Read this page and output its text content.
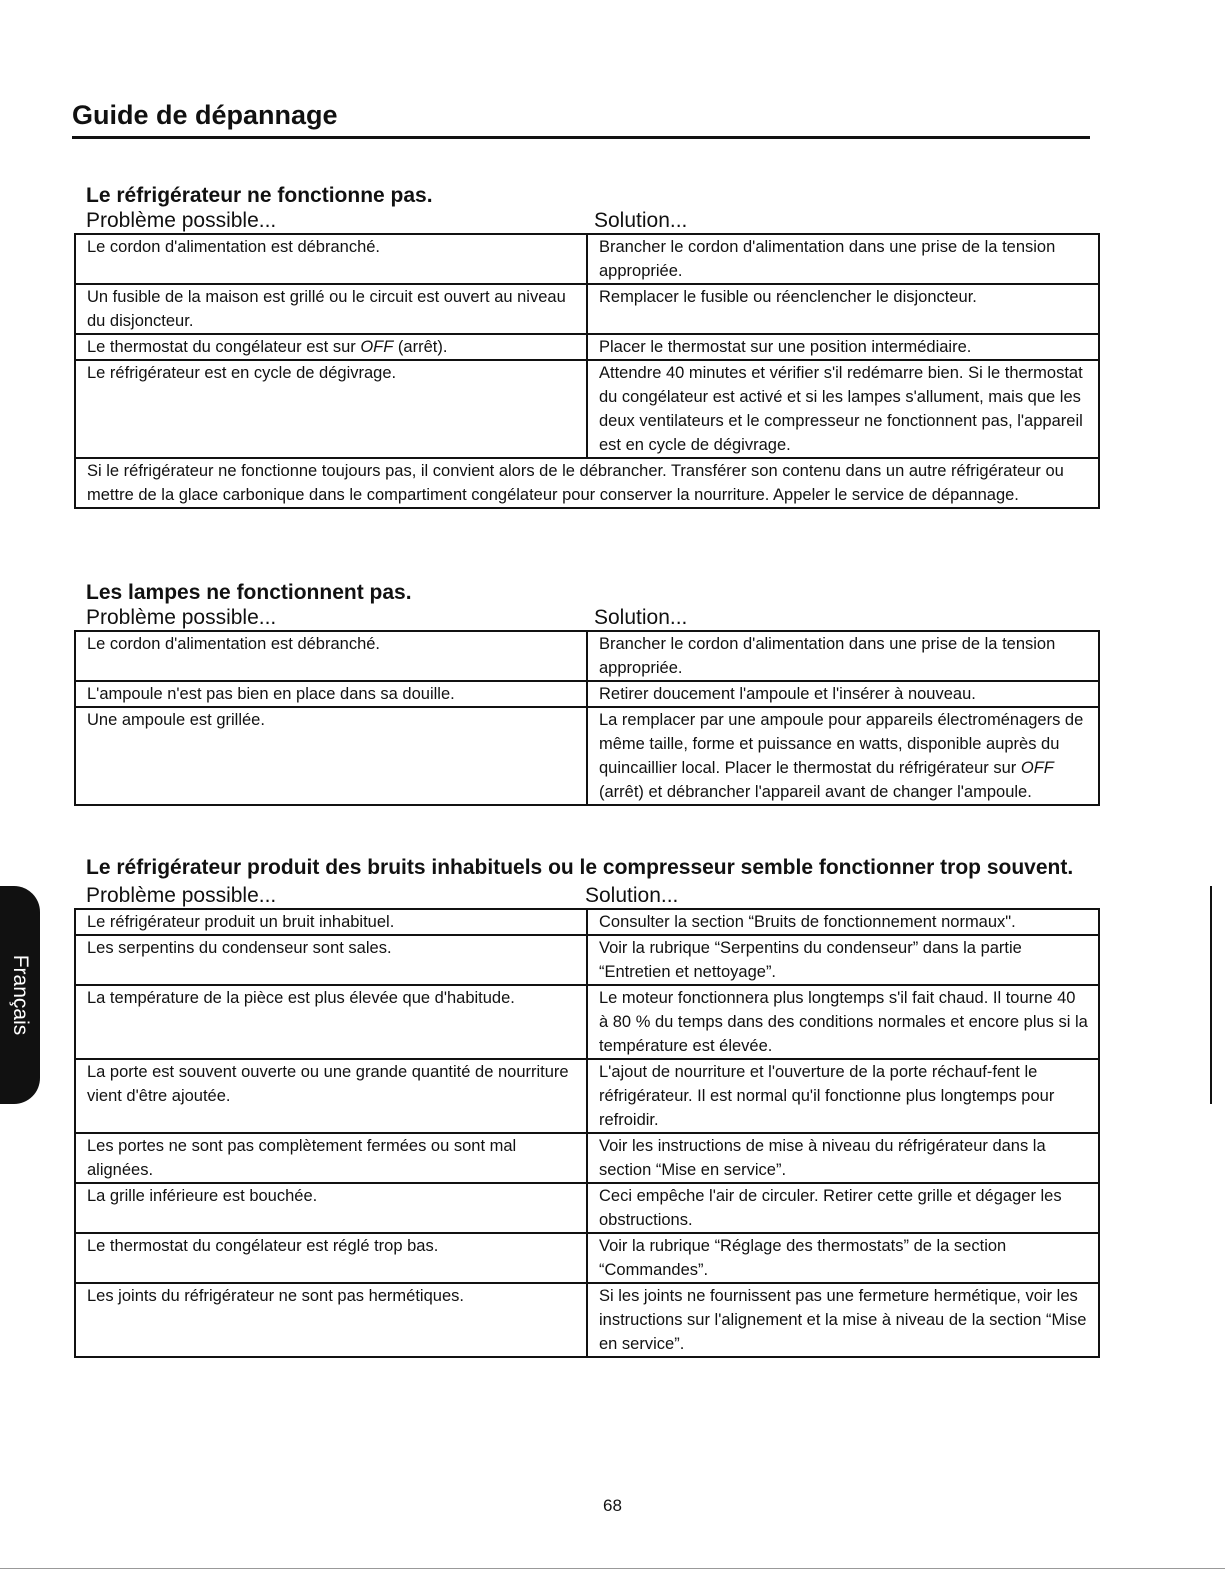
Guide de dépannage
Le réfrigérateur ne fonctionne pas.
Problème possible...	Solution...
Le cordon d'alimentation est débranché.	Brancher le cordon d'alimentation dans une prise de la tension appropriée.
Un fusible de la maison est grillé ou le circuit est ouvert au niveau du disjoncteur.	Remplacer le fusible ou réenclencher le disjoncteur.
Le thermostat du congélateur est sur OFF (arrêt).	Placer le thermostat sur une position intermédiaire.
Le réfrigérateur est en cycle de dégivrage.	Attendre 40 minutes et vérifier s'il redémarre bien. Si le thermostat du congélateur est activé et si les lampes s'allument, mais que les deux ventilateurs et le compresseur ne fonctionnent pas, l'appareil est en cycle de dégivrage.
Si le réfrigérateur ne fonctionne toujours pas, il convient alors de le débrancher. Transférer son contenu dans un autre réfrigérateur ou mettre de la glace carbonique dans le compartiment congélateur pour conserver la nourriture. Appeler le service de dépannage.	
Les lampes ne fonctionnent pas.
Problème possible...	Solution...
Le cordon d'alimentation est débranché.	Brancher le cordon d'alimentation dans une prise de la tension appropriée.
L'ampoule n'est pas bien en place dans sa douille.	Retirer doucement l'ampoule et l'insérer à nouveau.
Une ampoule est grillée.	La remplacer par une ampoule pour appareils électroménagers de même taille, forme et puissance en watts, disponible auprès du quincaillier local. Placer le thermostat du réfrigérateur sur OFF (arrêt) et débrancher l'appareil avant de changer l'ampoule.
Le réfrigérateur produit des bruits inhabituels ou le compresseur semble fonctionner trop souvent.
Problème possible...	Solution...
Le réfrigérateur produit un bruit inhabituel.	Consulter la section “Bruits de fonctionnement normaux".
Les serpentins du condenseur sont sales.	Voir la rubrique “Serpentins du condenseur” dans la partie “Entretien et nettoyage”.
La température de la pièce est plus élevée que d'habitude.	Le moteur fonctionnera plus longtemps s'il fait chaud. Il tourne 40 à 80 % du temps dans des conditions normales et encore plus si la température est élevée.
La porte est souvent ouverte ou une grande quantité de nourriture vient d'être ajoutée.	L'ajout de nourriture et l'ouverture de la porte réchauf-fent le réfrigérateur. Il est normal qu'il fonctionne plus longtemps pour refroidir.
Les portes ne sont pas complètement fermées ou sont mal alignées.	Voir les instructions de mise à niveau du réfrigérateur dans la section “Mise en service”.
La grille inférieure est bouchée.	Ceci empêche l'air de circuler. Retirer cette grille et dégager les obstructions.
Le thermostat du congélateur est réglé trop bas.	Voir la rubrique “Réglage des thermostats” de la section “Commandes”.
Les joints du réfrigérateur ne sont pas hermétiques.	Si les joints ne fournissent pas une fermeture hermétique, voir les instructions sur l'alignement et la mise à niveau de la section “Mise en service”.
Français
68
